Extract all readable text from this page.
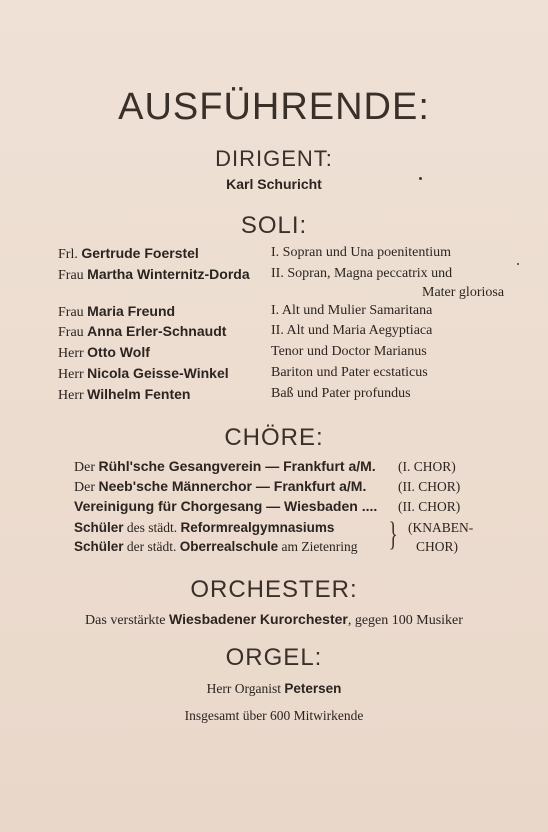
AUSFÜHRENDE:
DIRIGENT:
Karl Schuricht
SOLI:
Frl. Gertrude Foerstel	I. Sopran und Una poenitentium
Frau Martha Winternitz-Dorda II. Sopran, Magna peccatrix und
Mater gloriosa
Frau Maria Freund	I. Alt und Mulier Samaritana
Frau Anna Erler-Schnaudt	II. Alt und Maria Aegyptiaca
Herr Otto Wolf	Tenor und Doctor Marianus
Herr Nicola Geisse-Winkel	Bariton und Pater ecstaticus
Herr Wilhelm Fenten	Baß und Pater profundus
CHÖRE:
Der Rühl'sche Gesangverein — Frankfurt a/M. (I. CHOR)
Der Neeb'sche Männerchor — Frankfurt a/M. (II. CHOR)
Vereinigung für Chorgesang — Wiesbaden .... (II. CHOR)
Schüler des städt. Reformrealgymnasiums
Schüler der städt. Oberrealschule am Zietenring } (KNABEN-
CHOR)
ORCHESTER:
Das verstärkte Wiesbadener Kurorchester, gegen 100 Musiker
ORGEL:
Herr Organist Petersen
Insgesamt über 600 Mitwirkende
